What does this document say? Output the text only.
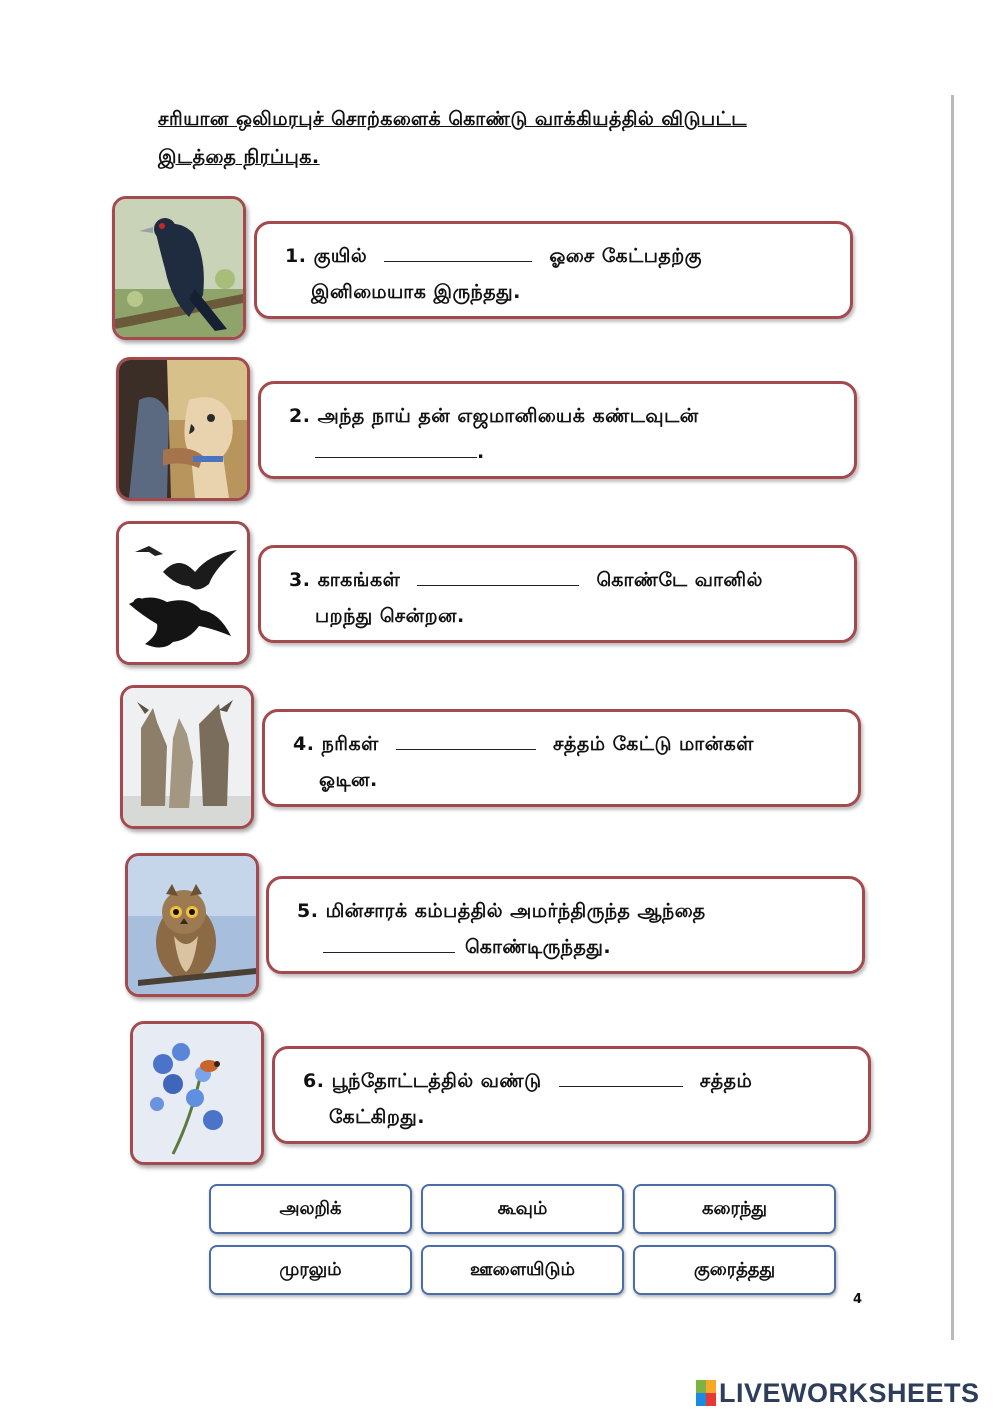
சரியான ஒலிமரபுச் சொற்களைக் கொண்டு வாக்கியத்தில் விடுபட்ட
இடத்தை நிரப்புக.
1. குயில்	ஓசை கேட்பதற்கு
இனிமையாக இருந்தது.
2. அந்த நாய் தன் எஜமானியைக் கண்டவுடன்
.
3. காகங்கள்	கொண்டே வானில்
பறந்து சென்றன.
4. நரிகள்	சத்தம் கேட்டு மான்கள்
ஓடின.
5. மின்சாரக் கம்பத்தில் அமர்ந்திருந்த ஆந்தை
கொண்டிருந்தது.
6. பூந்தோட்டத்தில் வண்டு	சத்தம்
கேட்கிறது.
அலறிக்	கூவும்	கரைந்து
முரலும்	ஊளையிடும்	குரைத்தது
4
LIVEWORKSHEETS
